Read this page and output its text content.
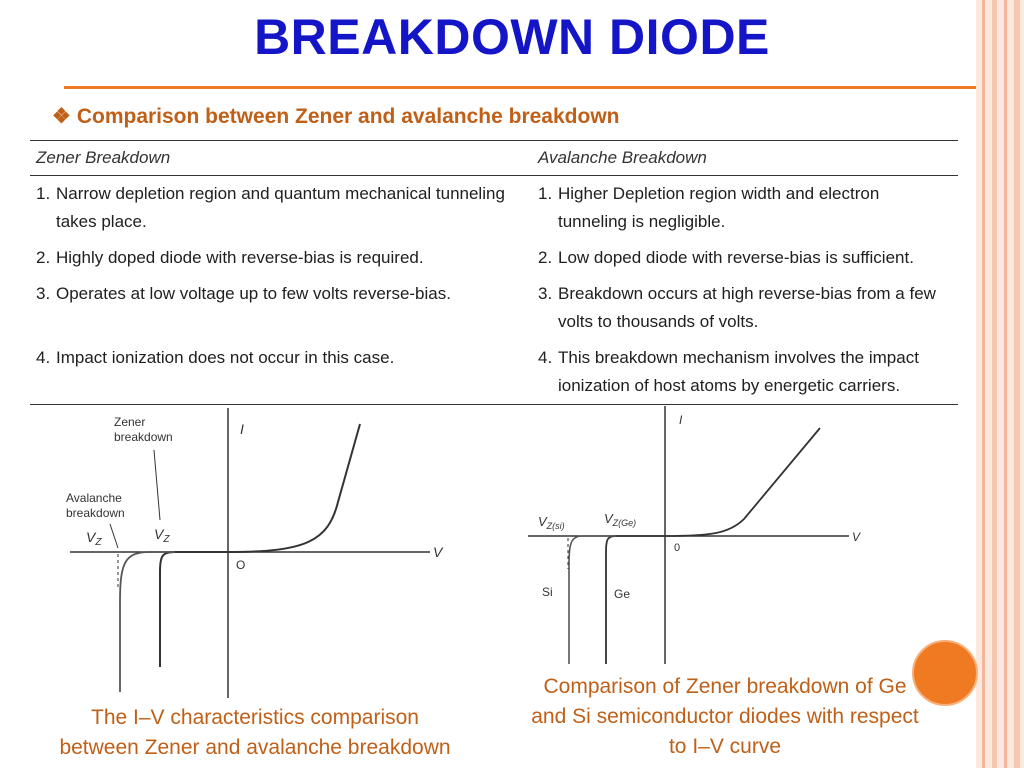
BREAKDOWN DIODE
❖ Comparison between Zener and avalanche breakdown
Zener Breakdown	Avalanche Breakdown

1. Narrow depletion region and quantum mechanical tunneling takes place.	1. Higher Depletion region width and electron tunneling is negligible.

2. Highly doped diode with reverse-bias is required.	2. Low doped diode with reverse-bias is sufficient.

3. Operates at low voltage up to few volts reverse-bias.	3. Breakdown occurs at high reverse-bias from a few volts to thousands of volts.

4. Impact ionization does not occur in this case.	4. This breakdown mechanism involves the impact ionization of host atoms by energetic carriers.
Zener
breakdown
Avalanche
breakdown
I
V
O
$V_Z$
$V_Z$
I
V
0
$V_{Z(si)}$	$V_{Z(Ge)}$
Si	Ge
The I–V characteristics comparison
between Zener and avalanche breakdown
Comparison of Zener breakdown of Ge
and Si semiconductor diodes with respect
to I–V curve
